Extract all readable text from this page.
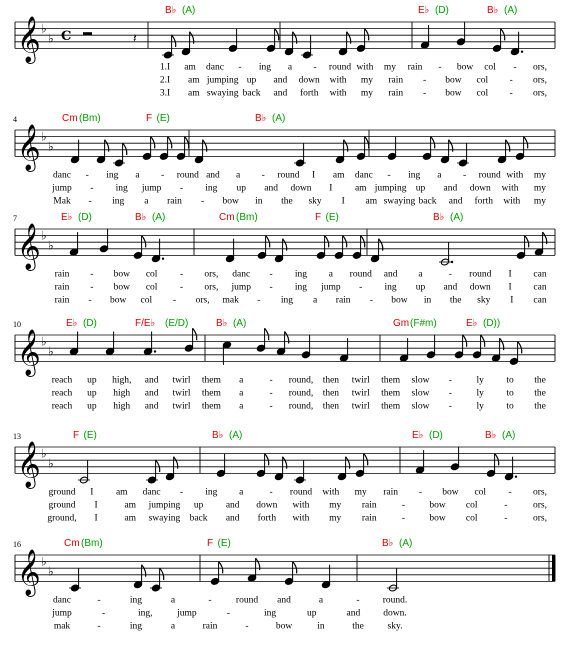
𝄞 ♭
♭ C	𝄽
B♭ (A)	E♭ (D)	B♭ (A)
1.I am danc - ing a - round with my rain - bow col - ors,
2.I am jumping up and down with my rain - bow col - ors,
3.I am swaying back and forth with my rain - bow col - ors,
4
𝄞 ♭
♭
Cm (Bm)	F (E)	B♭ (A)
danc - ing a - round and a - round I am danc - ing a - round with my
jump - ing jump - ing up and down I am jumping up and down with my
Mak - ing a rain - bow in the sky I am swaying back and forth with my
7
𝄞 ♭
♭
E♭ (D)	B♭ (A)	Cm (Bm)	F (E)	B♭ (A)
rain - bow col - ors, danc - ing a round and a	- round I can
rain - bow col - ors, jump - ing jump - ing up and down I can
rain - bow col - ors, mak - ing a rain - bow in the sky I can
10
𝄞 ♭
♭
E♭ (D)	F/E♭ (E/D)	B♭ (A)	Gm (F#m)	E♭ (D))
reach up high, and twirl them a	- round, then twirl them slow -	ly to the
reach up high and twirl them a	- round, then twirl them slow -	ly to the
reach up high and twirl them a	- round, then twirl them slow -	ly to the
13
𝄞 ♭
♭
F (E)	B♭ (A)	E♭ (D)	B♭ (A)
ground I am danc - ing a	- round with my rain - bow col - ors,
ground I	am jumping up and down with my rain	-	bow col	-	ors,
ground, I	am swaying back and forth with my rain	-	bow col	-	ors,
16
𝄞 ♭
♭
Cm (Bm)	F (E)	B♭ (A)
danc	-	ing	a	-	round and	a	- round.
jump	-	ing,	jump	-	ing	up	and down.
mak	-	ing	a	rain	-	bow	in	the sky.
